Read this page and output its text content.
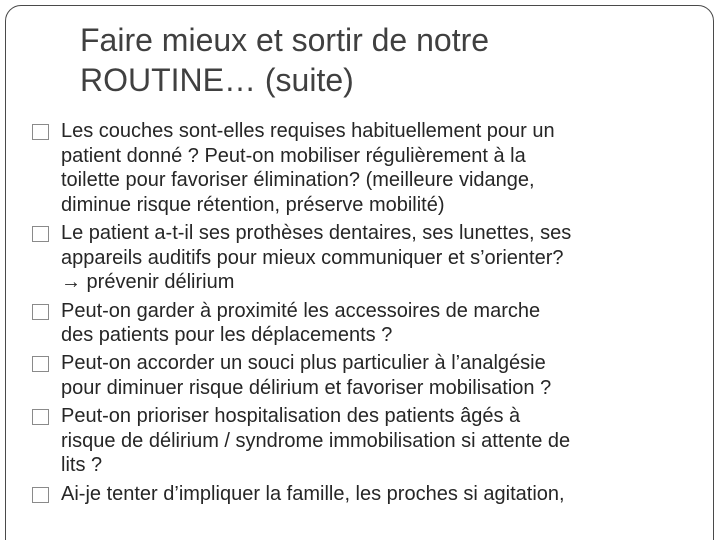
Faire mieux et sortir de notre
ROUTINE… (suite)
Les couches sont-elles requises habituellement pour un
patient donné ? Peut-on mobiliser régulièrement à la
toilette pour favoriser élimination? (meilleure vidange,
diminue risque rétention, préserve mobilité)
Le patient a-t-il ses prothèses dentaires, ses lunettes, ses
appareils auditifs pour mieux communiquer et s’orienter?
→ prévenir délirium
Peut-on garder à proximité les accessoires de marche
des patients pour les déplacements ?
Peut-on accorder un souci plus particulier à l’analgésie
pour diminuer risque délirium et favoriser mobilisation ?
Peut-on prioriser hospitalisation des patients âgés à
risque de délirium / syndrome immobilisation si attente de
lits ?
Ai-je tenter d’impliquer la famille, les proches si agitation,
